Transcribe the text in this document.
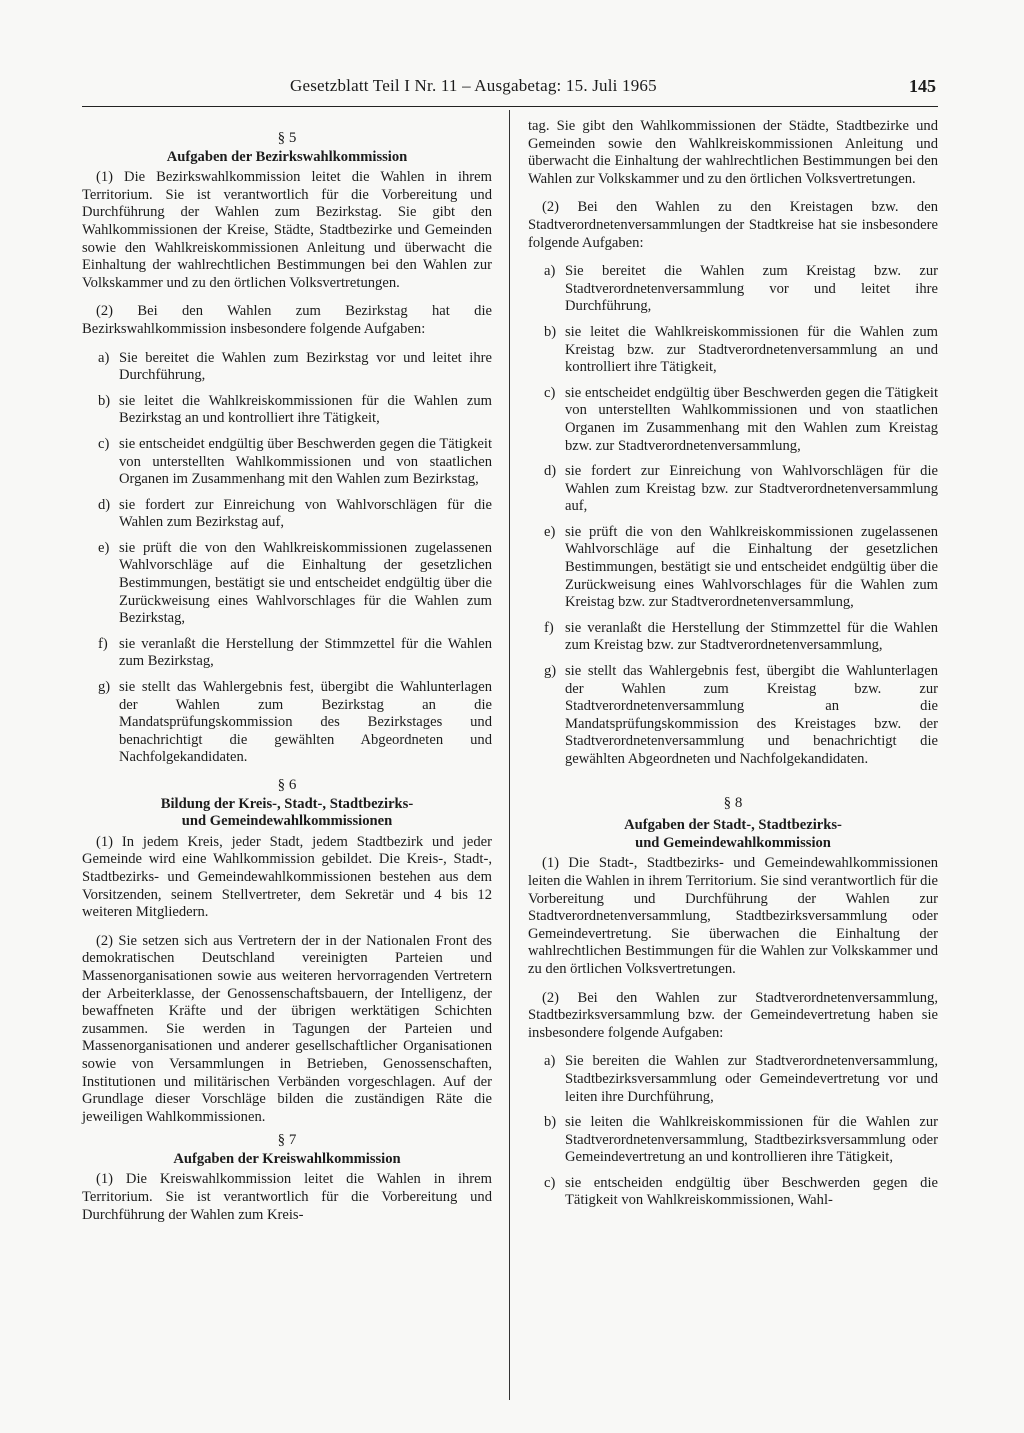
Gesetzblatt Teil I Nr. 11 – Ausgabetag: 15. Juli 1965	145
§ 5
Aufgaben der Bezirkswahlkommission

(1) Die Bezirkswahlkommission leitet die Wahlen in ihrem Territorium. Sie ist verantwortlich für die Vorbereitung und Durchführung der Wahlen zum Bezirkstag. Sie gibt den Wahlkommissionen der Kreise, Städte, Stadtbezirke und Gemeinden sowie den Wahlkreiskommissionen Anleitung und überwacht die Einhaltung der wahlrechtlichen Bestimmungen bei den Wahlen zur Volkskammer und zu den örtlichen Volksvertretungen.

(2) Bei den Wahlen zum Bezirkstag hat die Bezirkswahlkommission insbesondere folgende Aufgaben:

a) Sie bereitet die Wahlen zum Bezirkstag vor und leitet ihre Durchführung,
b) sie leitet die Wahlkreiskommissionen für die Wahlen zum Bezirkstag an und kontrolliert ihre Tätigkeit,
c) sie entscheidet endgültig über Beschwerden gegen die Tätigkeit von unterstellten Wahlkommissionen und von staatlichen Organen im Zusammenhang mit den Wahlen zum Bezirkstag,
d) sie fordert zur Einreichung von Wahlvorschlägen für die Wahlen zum Bezirkstag auf,
e) sie prüft die von den Wahlkreiskommissionen zugelassenen Wahlvorschläge auf die Einhaltung der gesetzlichen Bestimmungen, bestätigt sie und entscheidet endgültig über die Zurückweisung eines Wahlvorschlages für die Wahlen zum Bezirkstag,
f) sie veranlaßt die Herstellung der Stimmzettel für die Wahlen zum Bezirkstag,
g) sie stellt das Wahlergebnis fest, übergibt die Wahlunterlagen der Wahlen zum Bezirkstag an die Mandatsprüfungskommission des Bezirkstages und benachrichtigt die gewählten Abgeordneten und Nachfolgekandidaten.
§ 6
Bildung der Kreis-, Stadt-, Stadtbezirks-
und Gemeindewahlkommissionen

(1) In jedem Kreis, jeder Stadt, jedem Stadtbezirk und jeder Gemeinde wird eine Wahlkommission gebildet. Die Kreis-, Stadt-, Stadtbezirks- und Gemeindewahlkommissionen bestehen aus dem Vorsitzenden, seinem Stellvertreter, dem Sekretär und 4 bis 12 weiteren Mitgliedern.

(2) Sie setzen sich aus Vertretern der in der Nationalen Front des demokratischen Deutschland vereinigten Parteien und Massenorganisationen sowie aus weiteren hervorragenden Vertretern der Arbeiterklasse, der Genossenschaftsbauern, der Intelligenz, der bewaffneten Kräfte und der übrigen werktätigen Schichten zusammen. Sie werden in Tagungen der Parteien und Massenorganisationen und anderer gesellschaftlicher Organisationen sowie von Versammlungen in Betrieben, Genossenschaften, Institutionen und militärischen Verbänden vorgeschlagen. Auf der Grundlage dieser Vorschläge bilden die zuständigen Räte die jeweiligen Wahlkommissionen.

§ 7
Aufgaben der Kreiswahlkommission

(1) Die Kreiswahlkommission leitet die Wahlen in ihrem Territorium. Sie ist verantwortlich für die Vorbereitung und Durchführung der Wahlen zum Kreis-

tag. Sie gibt den Wahlkommissionen der Städte, Stadtbezirke und Gemeinden sowie den Wahlkreiskommissionen Anleitung und überwacht die Einhaltung der wahlrechtlichen Bestimmungen bei den Wahlen zur Volkskammer und zu den örtlichen Volksvertretungen.

(2) Bei den Wahlen zu den Kreistagen bzw. den Stadtverordnetenversammlungen der Stadtkreise hat sie insbesondere folgende Aufgaben:

a) Sie bereitet die Wahlen zum Kreistag bzw. zur Stadtverordnetenversammlung vor und leitet ihre Durchführung,
b) sie leitet die Wahlkreiskommissionen für die Wahlen zum Kreistag bzw. zur Stadtverordnetenversammlung an und kontrolliert ihre Tätigkeit,
c) sie entscheidet endgültig über Beschwerden gegen die Tätigkeit von unterstellten Wahlkommissionen und von staatlichen Organen im Zusammenhang mit den Wahlen zum Kreistag bzw. zur Stadtverordnetenversammlung,
d) sie fordert zur Einreichung von Wahlvorschlägen für die Wahlen zum Kreistag bzw. zur Stadtverordnetenversammlung auf,
e) sie prüft die von den Wahlkreiskommissionen zugelassenen Wahlvorschläge auf die Einhaltung der gesetzlichen Bestimmungen, bestätigt sie und entscheidet endgültig über die Zurückweisung eines Wahlvorschlages für die Wahlen zum Kreistag bzw. zur Stadtverordnetenversammlung,
f) sie veranlaßt die Herstellung der Stimmzettel für die Wahlen zum Kreistag bzw. zur Stadtverordnetenversammlung,
g) sie stellt das Wahlergebnis fest, übergibt die Wahlunterlagen der Wahlen zum Kreistag bzw. zur Stadtverordnetenversammlung an die Mandatsprüfungskommission des Kreistages bzw. der Stadtverordnetenversammlung und benachrichtigt die gewählten Abgeordneten und Nachfolgekandidaten.
§ 8
Aufgaben der Stadt-, Stadtbezirks-
und Gemeindewahlkommission

(1) Die Stadt-, Stadtbezirks- und Gemeindewahlkommissionen leiten die Wahlen in ihrem Territorium. Sie sind verantwortlich für die Vorbereitung und Durchführung der Wahlen zur Stadtverordnetenversammlung, Stadtbezirksversammlung oder Gemeindevertretung. Sie überwachen die Einhaltung der wahlrechtlichen Bestimmungen für die Wahlen zur Volkskammer und zu den örtlichen Volksvertretungen.

(2) Bei den Wahlen zur Stadtverordnetenversammlung, Stadtbezirksversammlung bzw. der Gemeindevertretung haben sie insbesondere folgende Aufgaben:

a) Sie bereiten die Wahlen zur Stadtverordnetenversammlung, Stadtbezirksversammlung oder Gemeindevertretung vor und leiten ihre Durchführung,
b) sie leiten die Wahlkreiskommissionen für die Wahlen zur Stadtverordnetenversammlung, Stadtbezirksversammlung oder Gemeindevertretung an und kontrollieren ihre Tätigkeit,
c) sie entscheiden endgültig über Beschwerden gegen die Tätigkeit von Wahlkreiskommissionen, Wahl-
